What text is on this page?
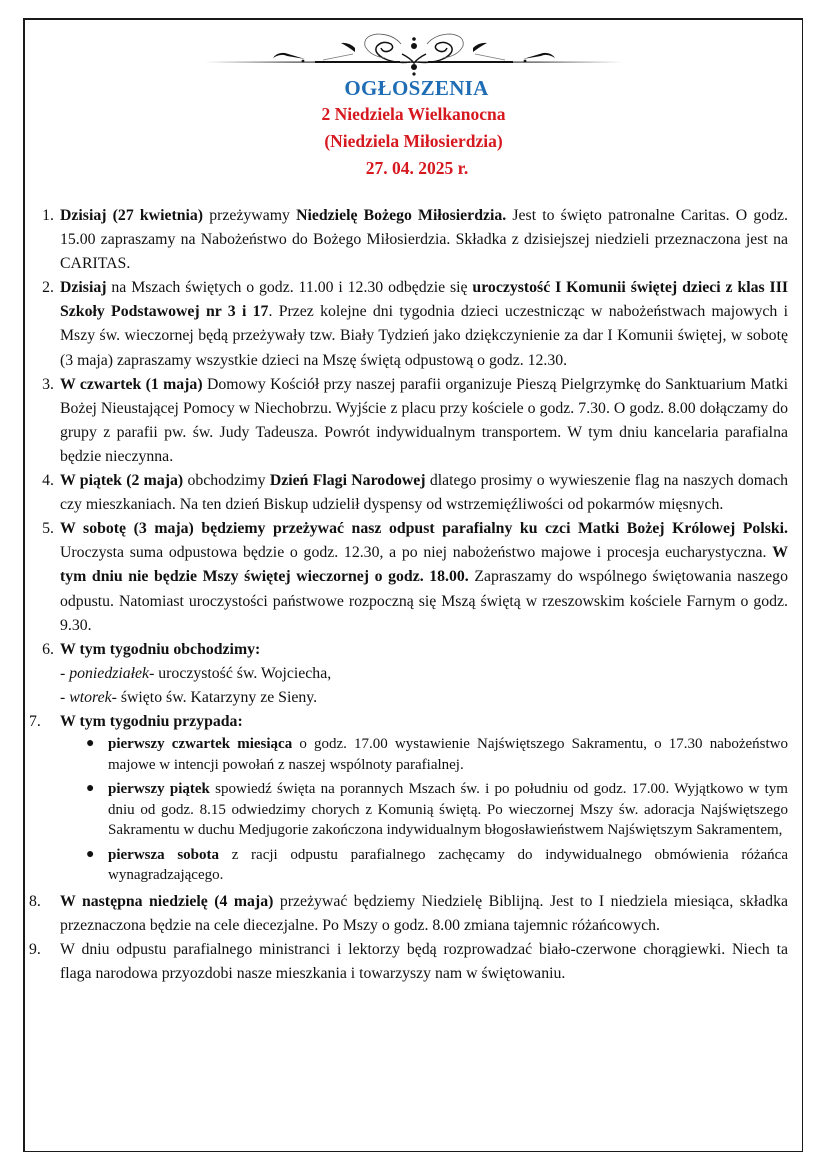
OGŁOSZENIA
2 Niedziela Wielkanocna
(Niedziela Miłosierdzia)
27. 04. 2025 r.
1. Dzisiaj (27 kwietnia) przeżywamy Niedzielę Bożego Miłosierdzia. Jest to święto patronalne Caritas. O godz. 15.00 zapraszamy na Nabożeństwo do Bożego Miłosierdzia. Składka z dzisiejszej niedzieli przeznaczona jest na CARITAS.
2. Dzisiaj na Mszach świętych o godz. 11.00 i 12.30 odbędzie się uroczystość I Komunii świętej dzieci z klas III Szkoły Podstawowej nr 3 i 17. Przez kolejne dni tygodnia dzieci uczestnicząc w nabożeństwach majowych i Mszy św. wieczornej będą przeżywały tzw. Biały Tydzień jako dziękczynienie za dar I Komunii świętej, w sobotę (3 maja) zapraszamy wszystkie dzieci na Mszę świętą odpustową o godz. 12.30.
3. W czwartek (1 maja) Domowy Kościół przy naszej parafii organizuje Pieszą Pielgrzymkę do Sanktuarium Matki Bożej Nieustającej Pomocy w Niechobrzu. Wyjście z placu przy kościele o godz. 7.30. O godz. 8.00 dołączamy do grupy z parafii pw. św. Judy Tadeusza. Powrót indywidualnym transportem. W tym dniu kancelaria parafialna będzie nieczynna.
4. W piątek (2 maja) obchodzimy Dzień Flagi Narodowej dlatego prosimy o wywieszenie flag na naszych domach czy mieszkaniach. Na ten dzień Biskup udzielił dyspensy od wstrzemięźliwości od pokarmów mięsnych.
5. W sobotę (3 maja) będziemy przeżywać nasz odpust parafialny ku czci Matki Bożej Królowej Polski. Uroczysta suma odpustowa będzie o godz. 12.30, a po niej nabożeństwo majowe i procesja eucharystyczna. W tym dniu nie będzie Mszy świętej wieczornej o godz. 18.00. Zapraszamy do wspólnego świętowania naszego odpustu. Natomiast uroczystości państwowe rozpoczną się Mszą świętą w rzeszowskim kościele Farnym o godz. 9.30.
6. W tym tygodniu obchodzimy:
- poniedziałek- uroczystość św. Wojciecha,
- wtorek- święto św. Katarzyny ze Sieny.
7.	W tym tygodniu przypada:
● pierwszy czwartek miesiąca o godz. 17.00 wystawienie Najświętszego Sakramentu, o 17.30 nabożeństwo majowe w intencji powołań z naszej wspólnoty parafialnej.
● pierwszy piątek spowiedź święta na porannych Mszach św. i po południu od godz. 17.00. Wyjątkowo w tym dniu od godz. 8.15 odwiedzimy chorych z Komunią świętą. Po wieczornej Mszy św. adoracja Najświętszego Sakramentu w duchu Medjugorie zakończona indywidualnym błogosławieństwem Najświętszym Sakramentem,
● pierwsza sobota z racji odpustu parafialnego zachęcamy do indywidualnego obmówienia różańca wynagradzającego.
8.	W następna niedzielę (4 maja) przeżywać będziemy Niedzielę Biblijną. Jest to I niedziela miesiąca, składka przeznaczona będzie na cele diecezjalne. Po Mszy o godz. 8.00 zmiana tajemnic różańcowych.
9.	W dniu odpustu parafialnego ministranci i lektorzy będą rozprowadzać biało-czerwone chorągiewki. Niech ta flaga narodowa przyozdobi nasze mieszkania i towarzyszy nam w świętowaniu.
